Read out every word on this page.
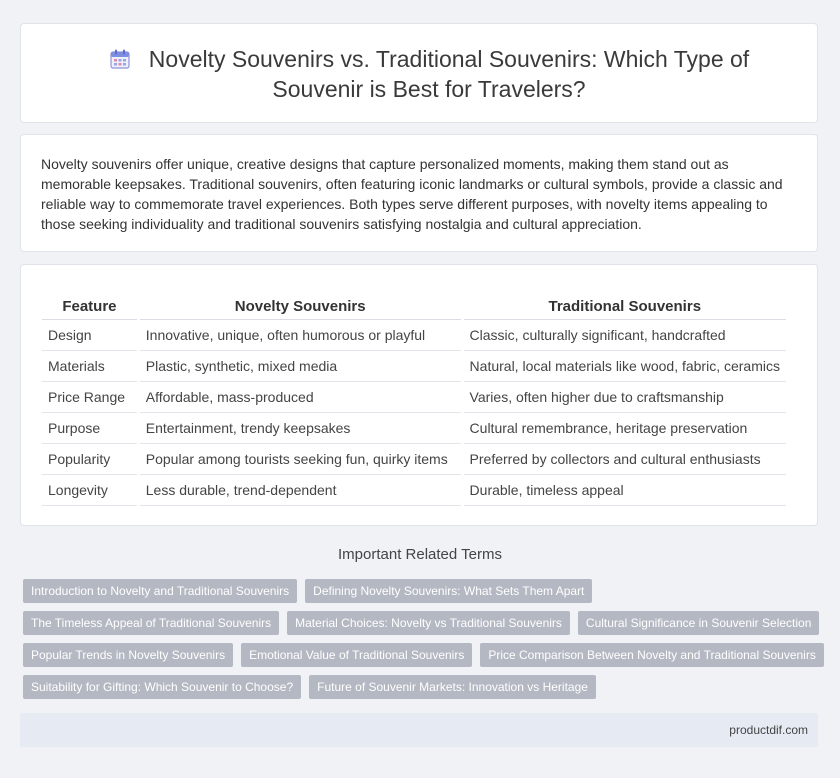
Novelty Souvenirs vs. Traditional Souvenirs: Which Type of Souvenir is Best for Travelers?

Novelty souvenirs offer unique, creative designs that capture personalized moments, making them stand out as memorable keepsakes. Traditional souvenirs, often featuring iconic landmarks or cultural symbols, provide a classic and reliable way to commemorate travel experiences. Both types serve different purposes, with novelty items appealing to those seeking individuality and traditional souvenirs satisfying nostalgia and cultural appreciation.

Feature		Novelty Souvenirs		Traditional Souvenirs
Design		Innovative, unique, often humorous or playful		Classic, culturally significant, handcrafted
Materials		Plastic, synthetic, mixed media		Natural, local materials like wood, fabric, ceramics
Price Range		Affordable, mass-produced		Varies, often higher due to craftsmanship
Purpose		Entertainment, trendy keepsakes		Cultural remembrance, heritage preservation
Popularity		Popular among tourists seeking fun, quirky items		Preferred by collectors and cultural enthusiasts
Longevity		Less durable, trend-dependent		Durable, timeless appeal
Important Related Terms
Introduction to Novelty and Traditional Souvenirs	Defining Novelty Souvenirs: What Sets Them Apart
The Timeless Appeal of Traditional Souvenirs	Material Choices: Novelty vs Traditional Souvenirs	Cultural Significance in Souvenir Selection
Popular Trends in Novelty Souvenirs	Emotional Value of Traditional Souvenirs	Price Comparison Between Novelty and Traditional Souvenirs
Suitability for Gifting: Which Souvenir to Choose?	Future of Souvenir Markets: Innovation vs Heritage
productdif.com
